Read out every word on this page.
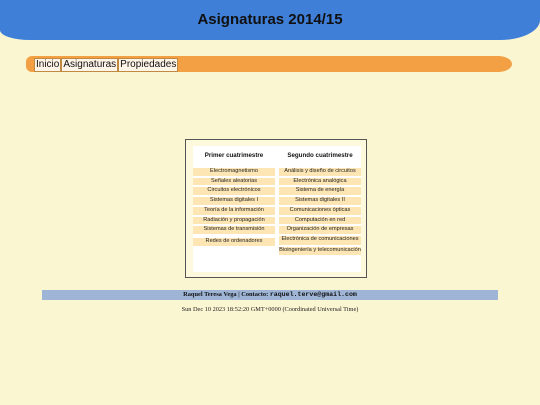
Asignaturas 2014/15
Inicio Asignaturas Propiedades
Primer cuatrimestre
Electromagnetismo
Señales aleatorias
Circuitos electrónicos
Sistemas digitales I
Teoría de la información
Radiación y propagación
Sistemas de transmisión
Redes de ordenadores
Segundo cuatrimestre
Análisis y diseño de circuitos
Electrónica analógica
Sistema de energía
Sistemas digitales II
Comunicaciones ópticas
Computación en red
Organización de empresas
Electrónica de comunicaciones
Bioingeniería y telecomunicación
Raquel Teresa Vega | Contacto: raquel.terve@gmail.com
Sun Dec 10 2023 18:52:20 GMT+0000 (Coordinated Universal Time)
